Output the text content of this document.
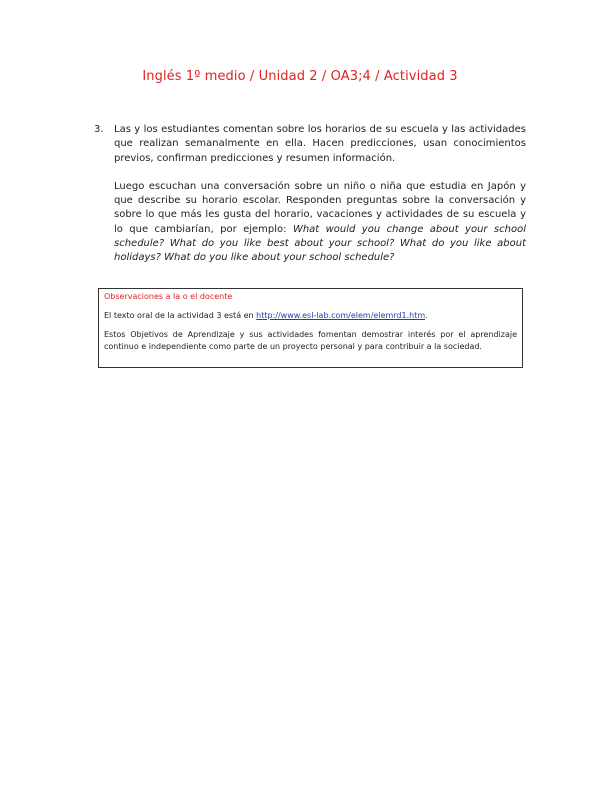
Inglés 1º medio / Unidad 2 / OA3;4 / Actividad 3
3. Las y los estudiantes comentan sobre los horarios de su escuela y las actividades que realizan semanalmente en ella. Hacen predicciones, usan conocimientos previos, confirman predicciones y resumen información.

Luego escuchan una conversación sobre un niño o niña que estudia en Japón y que describe su horario escolar. Responden preguntas sobre la conversación y sobre lo que más les gusta del horario, vacaciones y actividades de su escuela y lo que cambiarían, por ejemplo: What would you change about your school schedule? What do you like best about your school? What do you like about holidays? What do you like about your school schedule?

Observaciones a la o el docente

El texto oral de la actividad 3 está en http://www.esl-lab.com/elem/elemrd1.htm.

Estos Objetivos de Aprendizaje y sus actividades fomentan demostrar interés por el aprendizaje continuo e independiente como parte de un proyecto personal y para contribuir a la sociedad.
